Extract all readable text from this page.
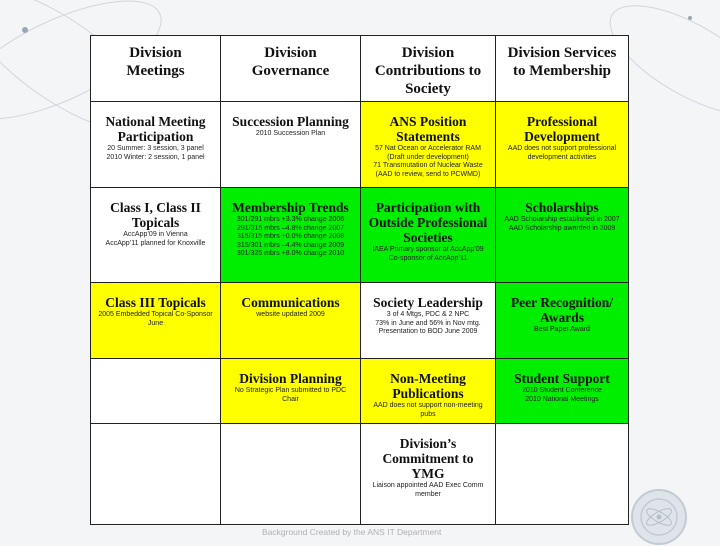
Division
Meetings
Division
Governance
Division
Contributions to
Society
Division Services
to Membership
National Meeting
Participation
20 Summer: 3 session, 3 panel
2010 Winter: 2 session, 1 panel
Succession Planning
2010 Succession Plan
ANS Position
Statements
57 Nat Ocean or Accelerator RAM
(Draft under development)
71 Transmutation of Nuclear Waste
(AAD to review, send to PCWMD)
Professional
Development
AAD does not support professional
development activities
Class I, Class II
Topicals
AccApp’09 in Vienna
AccApp’11 planned for Knoxville
Membership Trends
301/291 mbrs +3.3% change 2006
291/315 mbrs –4.8% change 2007
315/315 mbrs +0.0% change 2008
315/301 mbrs –4.4% change 2009
301/325 mbrs +8.0% change 2010
Participation with
Outside Professional
Societies
IAEA Primary sponsor of AccApp’09
Co-sponsor of AccApp’11
Scholarships
AAD Scholarship established in 2007
AAD Scholarship awarded in 2009
Class III Topicals
2005 Embedded Topical Co-Sponsor
June
Communications
website updated 2009
Society Leadership
3 of 4 Mtgs, PDC & 2 NPC
73% in June and 56% in Nov mtg.
Presentation to BOD June 2009
Peer Recognition/
Awards
Best Paper Award
Division Planning
No Strategic Plan submitted to PDC
Chair
Non-Meeting
Publications
AAD does not support non-meeting
pubs
Student Support
2010 Student Conference
2010 National Meetings
Division’s
Commitment to
YMG
Liaison appointed AAD Exec Comm
member
Background Created by the ANS IT Department
